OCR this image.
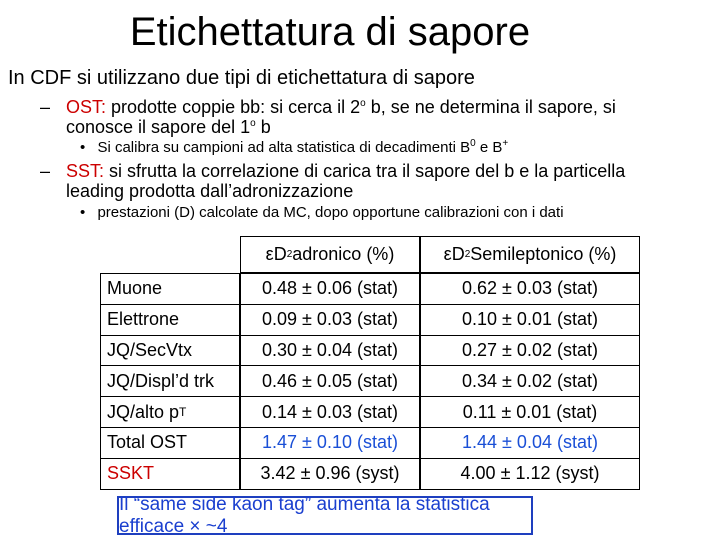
Etichettatura di sapore
In CDF si utilizzano due tipi di etichettatura di sapore
– OST: prodotte coppie bb: si cerca il 2$^o$ b, se ne determina il sapore, si
conosce il sapore del 1$^o$ b
• Si calibra su campioni ad alta statistica di decadimenti $B^0$ e B+
– SST: si sfrutta la correlazione di carica tra il sapore del b e la particella
leading prodotta dall’adronizzazione
• prestazioni (D) calcolate da MC, dopo opportune calibrazioni con i dati
εD 2 adronico (%)	εD 2 Semileptonico (%)
Muone	0.48 ± 0.06 (stat)	0.62 ± 0.03 (stat)
Elettrone	0.09 ± 0.03 (stat)	0.10 ± 0.01 (stat)
JQ/SecVtx	0.30 ± 0.04 (stat)	0.27 ± 0.02 (stat)
JQ/Displ’d trk	0.46 ± 0.05 (stat)	0.34 ± 0.02 (stat)
JQ/alto p T	0.14 ± 0.03 (stat)	0.11 ± 0.01 (stat)
Total OST	1.47 ± 0.10 (stat)	1.44 ± 0.04 (stat)
SSKT	3.42 ± 0.96 (syst)	4.00 ± 1.12 (syst)
Il “same side kaon tag” aumenta la statistica efficace × ~4
